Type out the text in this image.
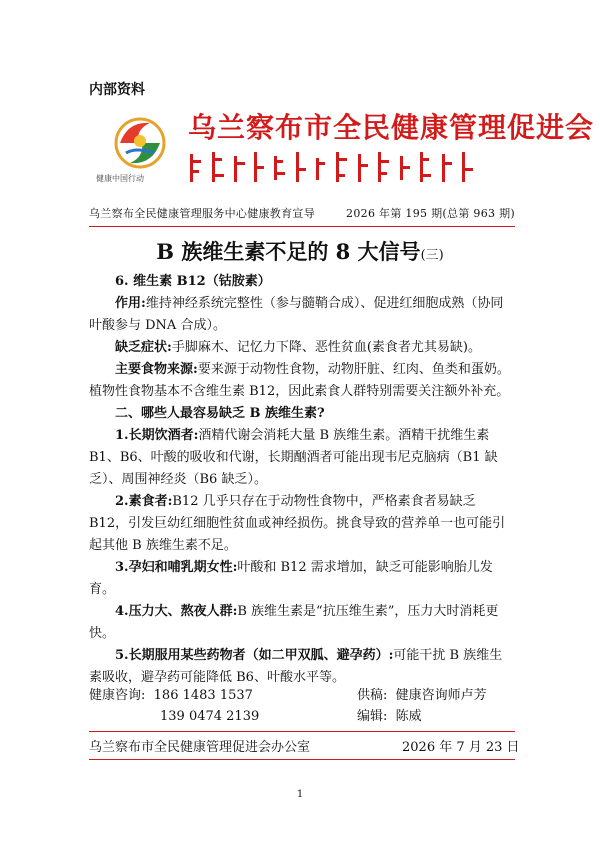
内部资料
健康中国行动
乌兰察布市全民健康管理促进会
乌兰察布全民健康管理服务中心健康教育宣导	2026 年第 195 期(总第 963 期)
B 族维生素不足的 8 大信号(三)

6. 维生素 B12（钴胺素）

作用:维持神经系统完整性（参与髓鞘合成）、促进红细胞成熟（协同叶酸参与 DNA 合成）。

缺乏症状:手脚麻木、记忆力下降、恶性贫血(素食者尤其易缺)。

主要食物来源:要来源于动物性食物，动物肝脏、红肉、鱼类和蛋奶。植物性食物基本不含维生素 B12，因此素食人群特别需要关注额外补充。

二、哪些人最容易缺乏 B 族维生素?

1.长期饮酒者:酒精代谢会消耗大量 B 族维生素。酒精干扰维生素 B1、B6、叶酸的吸收和代谢，长期酗酒者可能出现韦尼克脑病（B1 缺乏）、周围神经炎（B6 缺乏）。

2.素食者:B12 几乎只存在于动物性食物中，严格素食者易缺乏 B12，引发巨幼红细胞性贫血或神经损伤。挑食导致的营养单一也可能引起其他 B 族维生素不足。

3.孕妇和哺乳期女性:叶酸和 B12 需求增加，缺乏可能影响胎儿发育。

4.压力大、熬夜人群:B 族维生素是“抗压维生素”，压力大时消耗更快。

5.长期服用某些药物者（如二甲双胍、避孕药）:可能干扰 B 族维生素吸收，避孕药可能降低 B6、叶酸水平等。

健康咨询: 186 1483 1537
139 0474 2139
供稿: 健康咨询师卢芳
编辑: 陈威
乌兰察布市全民健康管理促进会办公室	2026 年 7 月 23 日
1
